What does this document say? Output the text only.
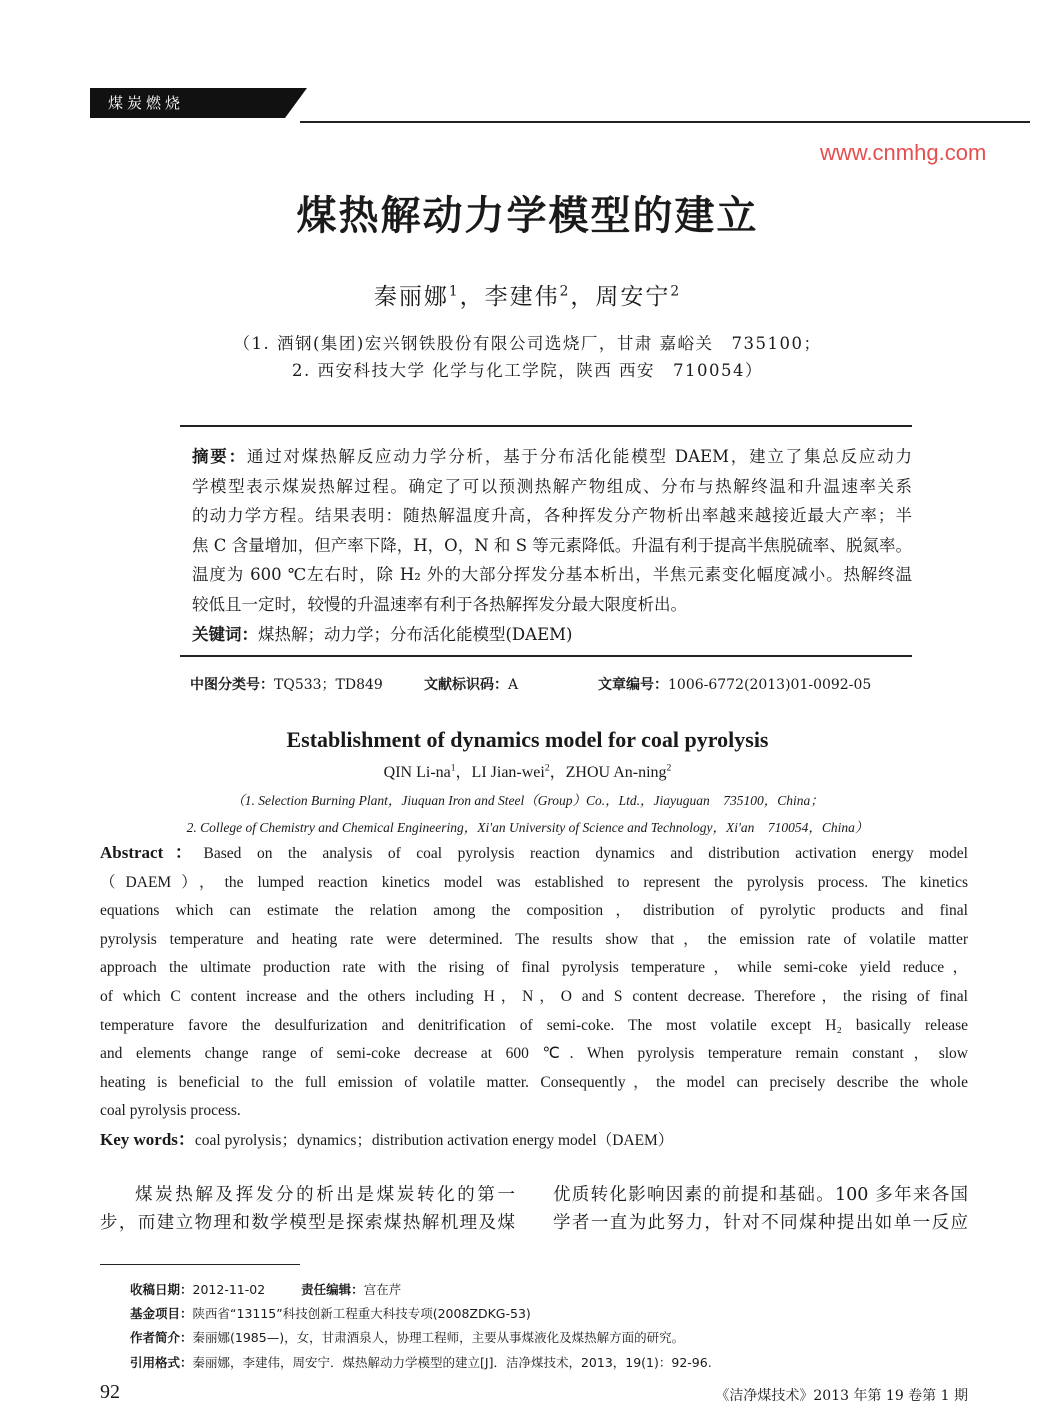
煤炭燃烧
煤热解动力学模型的建立
秦丽娜$^1$，李建伟$^2$，周安宁$^2$
（1. 酒钢(集团)宏兴钢铁股份有限公司选烧厂，甘肃 嘉峪关　735100；
2. 西安科技大学 化学与化工学院，陕西 西安　710054）
摘要：通过对煤热解反应动力学分析，基于分布活化能模型 DAEM，建立了集总反应动力
学模型表示煤炭热解过程。确定了可以预测热解产物组成、分布与热解终温和升温速率关系
的动力学方程。结果表明：随热解温度升高，各种挥发分产物析出率越来越接近最大产率；半
焦 C 含量增加，但产率下降，H，O，N 和 S 等元素降低。升温有利于提高半焦脱硫率、脱氮率。
温度为 600 ℃左右时，除 H₂ 外的大部分挥发分基本析出，半焦元素变化幅度减小。热解终温
较低且一定时，较慢的升温速率有利于各热解挥发分最大限度析出。
关键词：煤热解；动力学；分布活化能模型(DAEM)
中图分类号：TQ533；TD849	文献标识码：A	文章编号：1006-6772(2013)01-0092-05
Establishment of dynamics model for coal pyrolysis
QIN $Li-na^1$，LI Jian-wei$^2$，ZHOU An-ning$^2$
（1. Selection Burning Plant，Jiuquan Iron and Steel（Group）Co.，Ltd.，Jiayuguan　735100，China；
2. College of Chemistry and Chemical Engineering，Xi'an University of Science and Technology，Xi'an　710054，China）
Abstract：Based on the analysis of coal pyrolysis reaction dynamics and distribution activation energy model
（DAEM），the lumped reaction kinetics model was established to represent the pyrolysis process. The kinetics
equations which can estimate the relation among the composition，distribution of pyrolytic products and final
pyrolysis temperature and heating rate were determined. The results show that，the emission rate of volatile matter
approach the ultimate production rate with the rising of final pyrolysis temperature，while semi-coke yield reduce，
of which C content increase and the others including H，N，O and S content decrease. Therefore，the rising of final
temperature favore the desulfurization and denitrification of semi-coke. The most volatile except H₂ basically release
and elements change range of semi-coke decrease at 600 ℃. When pyrolysis temperature remain constant，slow
heating is beneficial to the full emission of volatile matter. Consequently，the model can precisely describe the whole
coal pyrolysis process.
Key words：coal pyrolysis；dynamics；distribution activation energy model（DAEM）
煤炭热解及挥发分的析出是煤炭转化的第一
步，而建立物理和数学模型是探索煤热解机理及煤
优质转化影响因素的前提和基础。100 多年来各国
学者一直为此努力，针对不同煤种提出如单一反应
收稿日期：2012-11-02	责任编辑：宫在芹
基金项目：陕西省“13115”科技创新工程重大科技专项(2008ZDKG-53)
作者简介：秦丽娜(1985—)，女，甘肃酒泉人，协理工程师，主要从事煤液化及煤热解方面的研究。
引用格式：秦丽娜，李建伟，周安宁．煤热解动力学模型的建立[J]．洁净煤技术，2013，19(1)：92-96.
92	《洁净煤技术》2013 年第 19 卷第 1 期
www.cnmhg.com
